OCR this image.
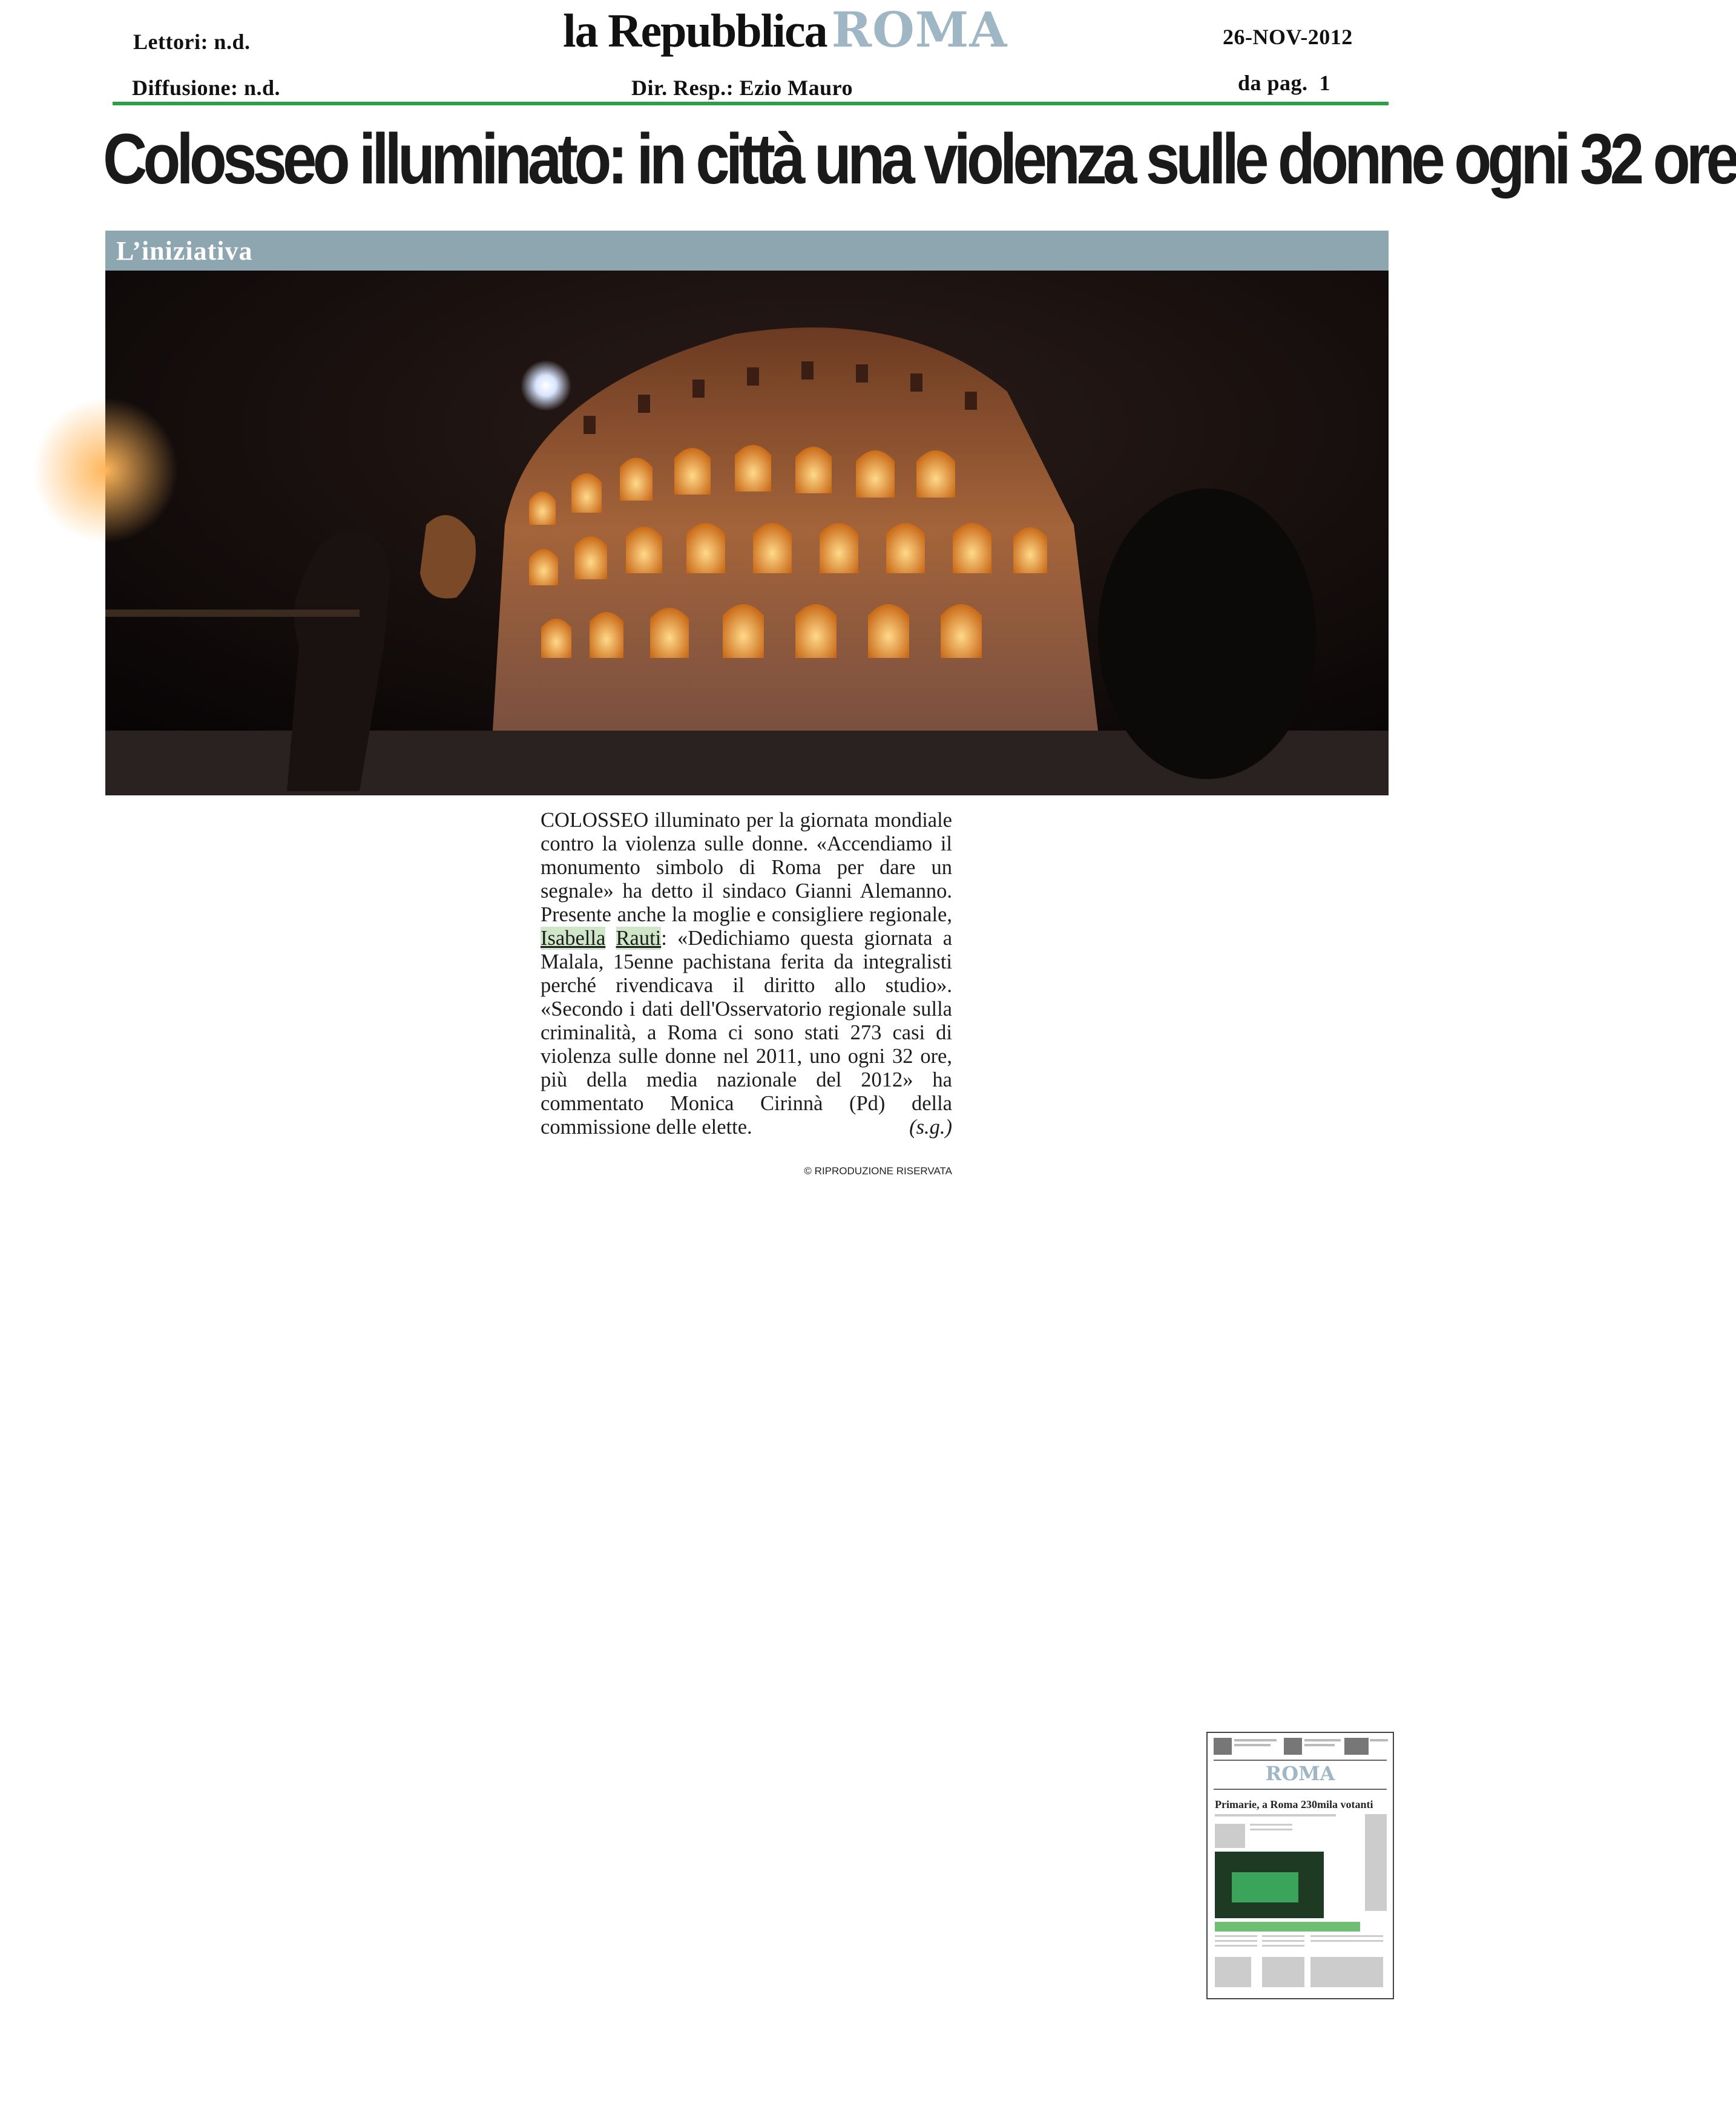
Lettori: n.d.
Diffusione: n.d.
la Repubblica ROMA
Dir. Resp.: Ezio Mauro
26-NOV-2012
da pag. 1
Colosseo illuminato: in città una violenza sulle donne ogni 32 ore
L’iniziativa
COLOSSEO illuminato per la giornata mondiale contro la violenza sulle donne. «Accendiamo il monumento simbolo di Roma per dare un segnale» ha detto il sindaco Gianni Alemanno. Presente anche la moglie e consigliere regionale, Isabella Rauti: «Dedichiamo questa giornata a Malala, 15enne pachistana ferita da integralisti perché rivendicava il diritto allo studio». «Secondo i dati dell'Osservatorio regionale sulla criminalità, a Roma ci sono stati 273 casi di violenza sulle donne nel 2011, uno ogni 32 ore, più della media nazionale del 2012» ha commentato Monica Cirinnà (Pd) della commissione delle elette.	(s.g.)
© RIPRODUZIONE RISERVATA
ROMA
Primarie, a Roma 230mila votanti
